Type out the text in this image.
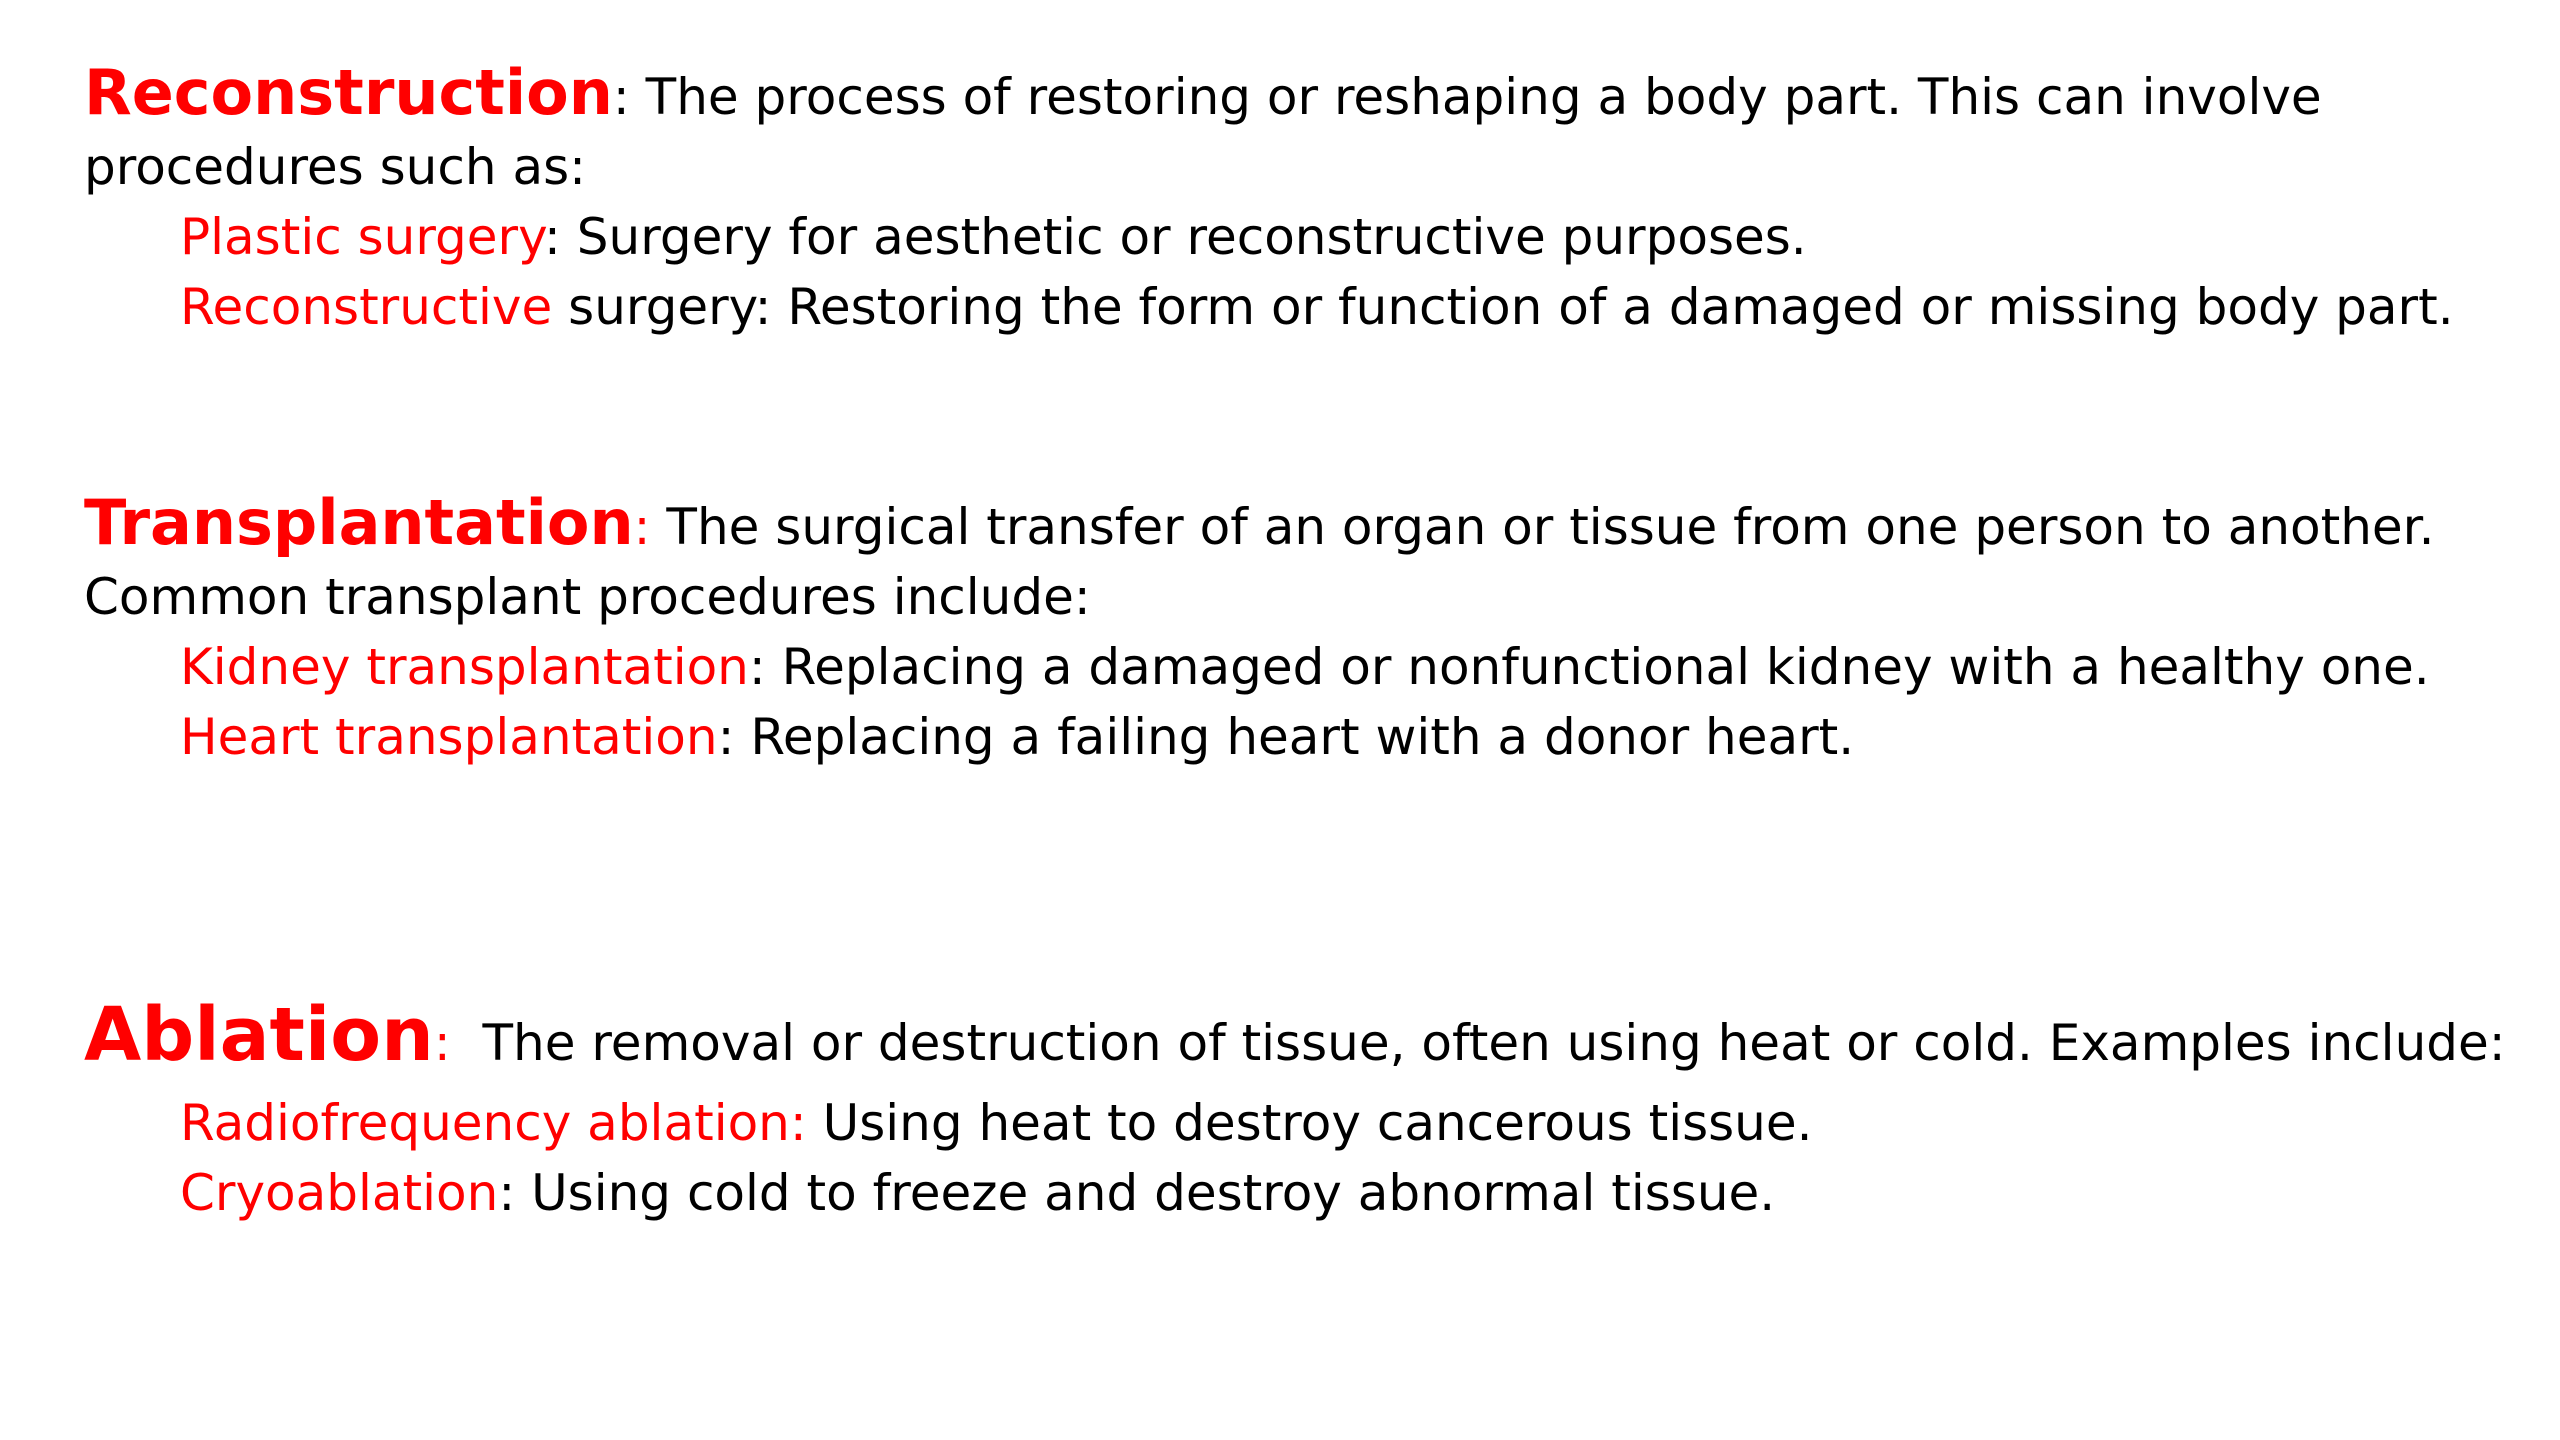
Reconstruction: The process of restoring or reshaping a body part. This can involve
procedures such as:
Plastic surgery: Surgery for aesthetic or reconstructive purposes.
Reconstructive surgery: Restoring the form or function of a damaged or missing body part.
Transplantation: The surgical transfer of an organ or tissue from one person to another.
Common transplant procedures include:
Kidney transplantation: Replacing a damaged or nonfunctional kidney with a healthy one.
Heart transplantation: Replacing a failing heart with a donor heart.
Ablation:  The removal or destruction of tissue, often using heat or cold. Examples include:
Radiofrequency ablation: Using heat to destroy cancerous tissue.
Cryoablation: Using cold to freeze and destroy abnormal tissue.
